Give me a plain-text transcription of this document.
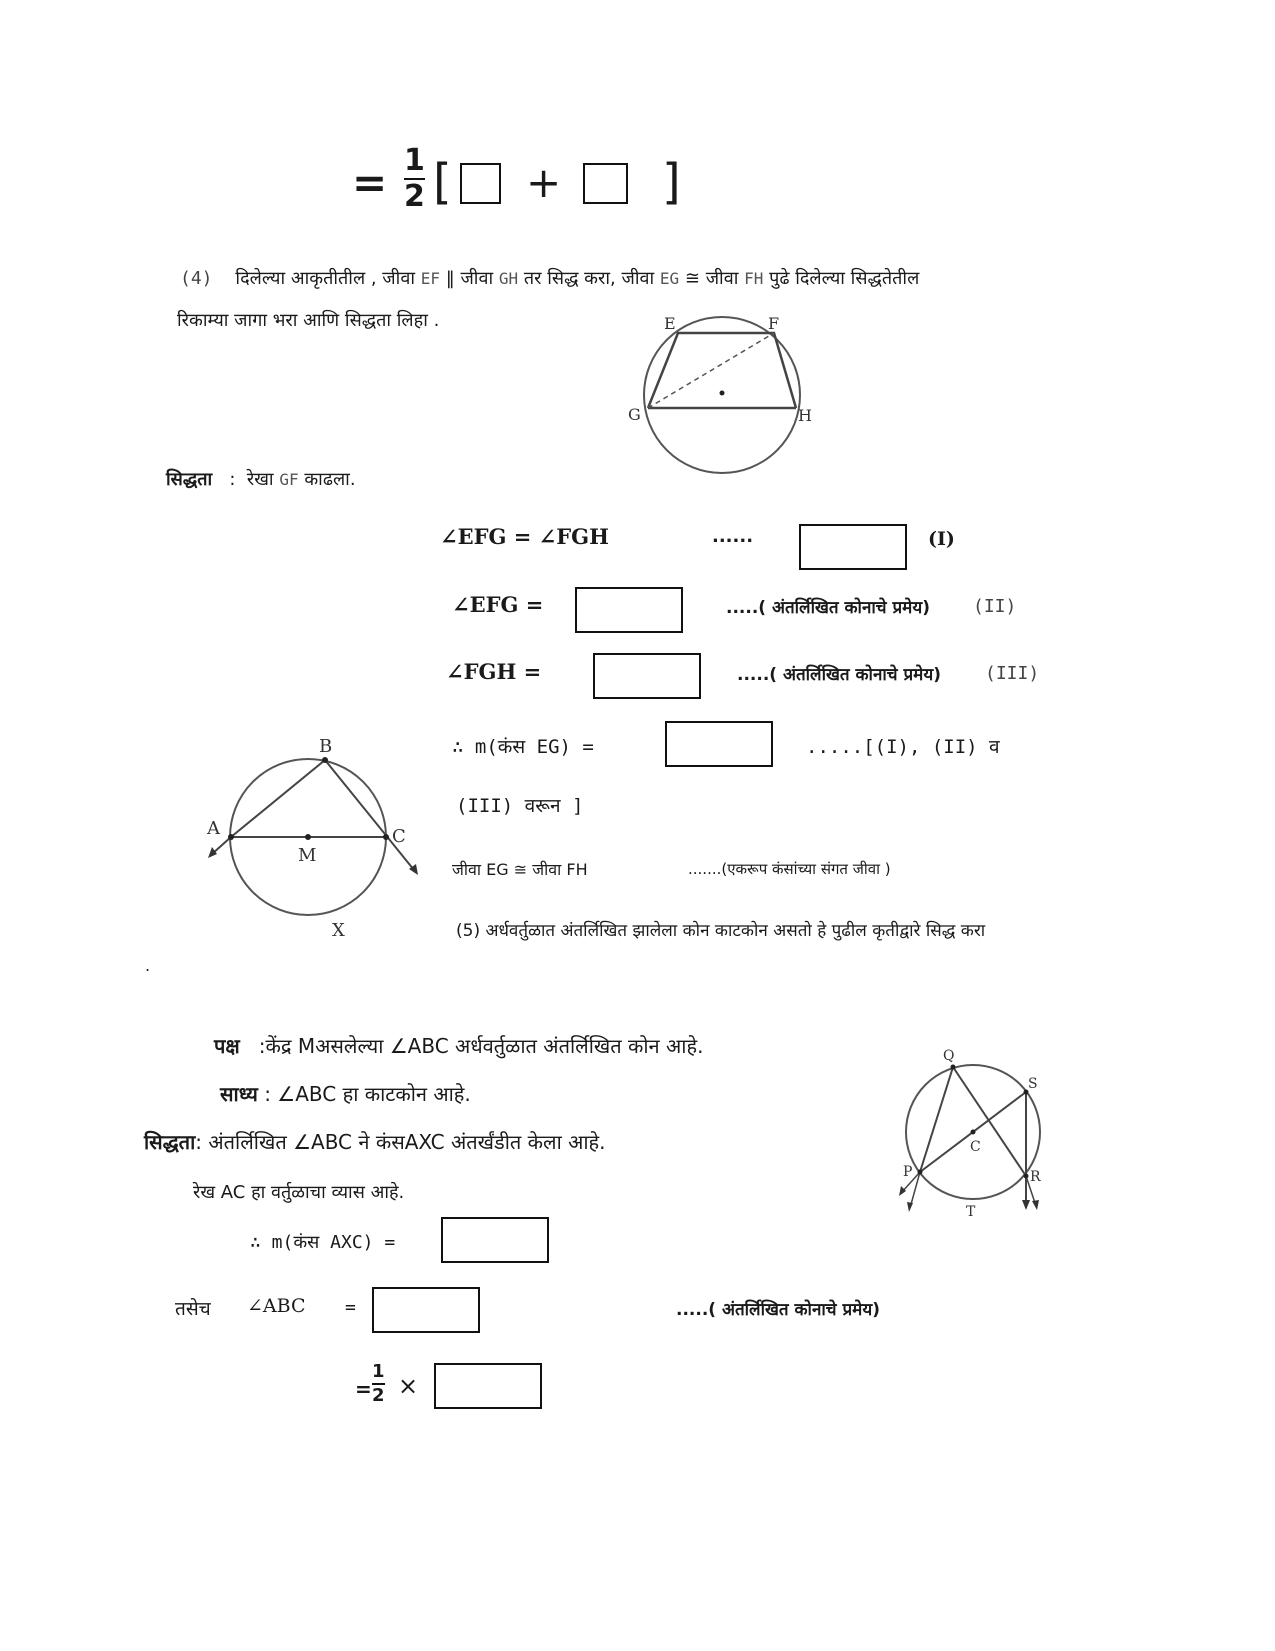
= 1
2 [ + ]
(4) दिलेल्या आकृतीतील , जीवा EF ‖ जीवा GH तर सिद्ध करा, जीवा EG ≅ जीवा FH पुढे दिलेल्या सिद्धतेतील
रिकाम्या जागा भरा आणि सिद्धता लिहा .	E	F
G	H
सिद्धता : रेखा GF काढला.
∠EFG = ∠FGH	......	(I)
∠EFG =	.....( अंतर्लिखित कोनाचे प्रमेय) (II)
∠FGH =	.....( अंतर्लिखित कोनाचे प्रमेय) (III)
B
A	C
M
X
∴ m(कंस EG) =	.....[(I), (II) व
(III) वरून ]
जीवा EG ≅ जीवा FH	.......(एकरूप कंसांच्या संगत जीवा )
(5) अर्धवर्तुळात अंतर्लिखित झालेला कोन काटकोन असतो हे पुढील कृतीद्वारे सिद्ध करा
.
पक्ष :केंद्र Mअसलेल्या ∠ABC अर्धवर्तुळात अंतर्लिखित कोन आहे.
साध्य : ∠ABC हा काटकोन आहे.
Q
S
C
P	R
T
सिद्धता: अंतर्लिखित ∠ABC ने कंसAXC अंतर्खंडीत केला आहे.
रेख AC हा वर्तुळाचा व्यास आहे.
∴ m(कंस AXC) =
तसेच ∠ABC =	.....( अंतर्लिखित कोनाचे प्रमेय)
=
1
2 ×
